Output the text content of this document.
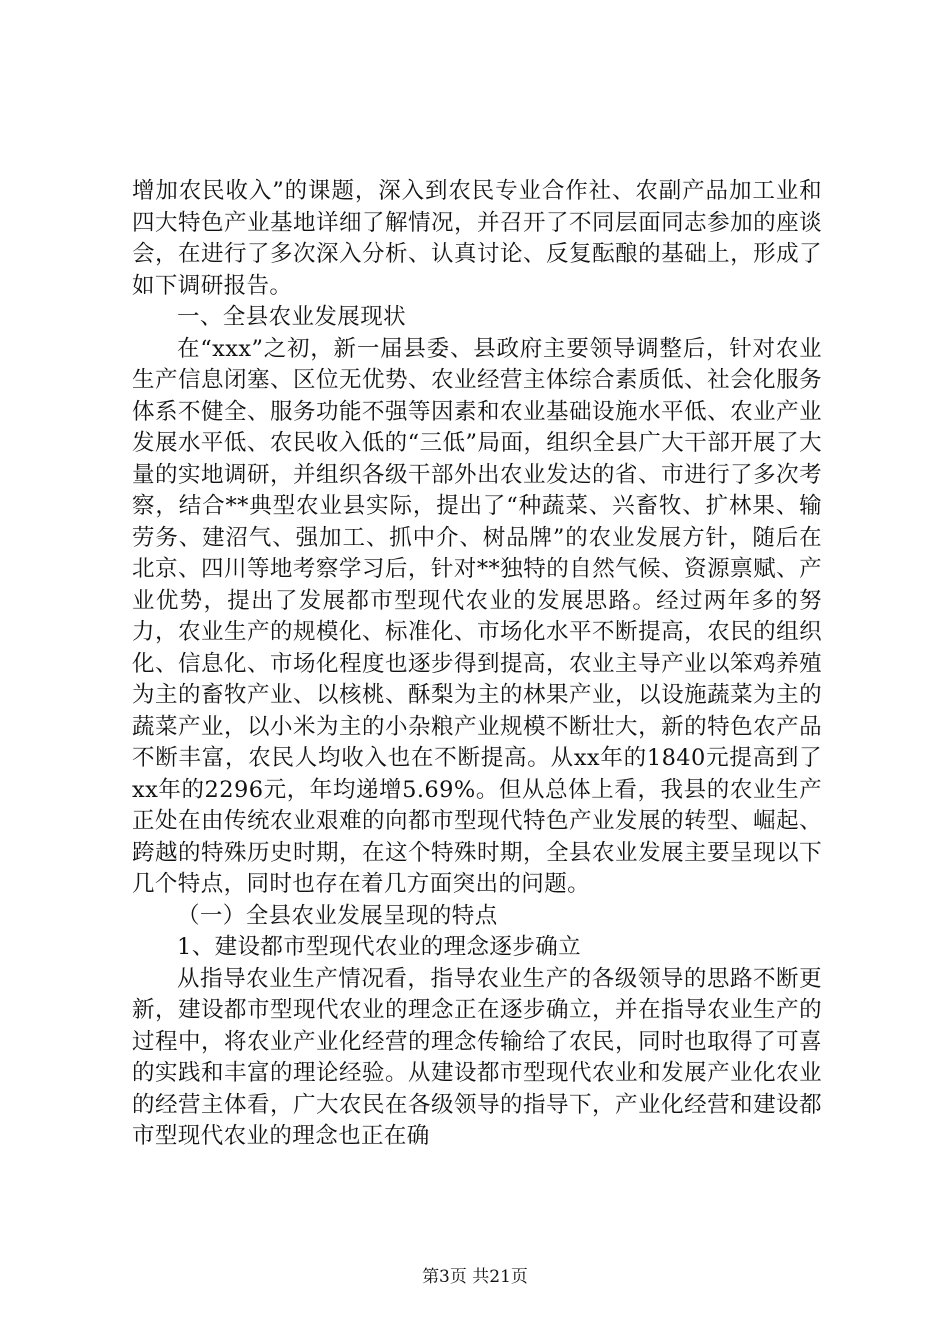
增加农民收入”的课题，深入到农民专业合作社、农副产品加工业和四大特色产业基地详细了解情况，并召开了不同层面同志参加的座谈会，在进行了多次深入分析、认真讨论、反复酝酿的基础上，形成了如下调研报告。

一、全县农业发展现状

在“xxx”之初，新一届县委、县政府主要领导调整后，针对农业生产信息闭塞、区位无优势、农业经营主体综合素质低、社会化服务体系不健全、服务功能不强等因素和农业基础设施水平低、农业产业发展水平低、农民收入低的“三低”局面，组织全县广大干部开展了大量的实地调研，并组织各级干部外出农业发达的省、市进行了多次考察，结合**典型农业县实际，提出了“种蔬菜、兴畜牧、扩林果、输劳务、建沼气、强加工、抓中介、树品牌”的农业发展方针，随后在北京、四川等地考察学习后，针对**独特的自然气候、资源禀赋、产业优势，提出了发展都市型现代农业的发展思路。经过两年多的努力，农业生产的规模化、标准化、市场化水平不断提高，农民的组织化、信息化、市场化程度也逐步得到提高，农业主导产业以笨鸡养殖为主的畜牧产业、以核桃、酥梨为主的林果产业，以设施蔬菜为主的蔬菜产业，以小米为主的小杂粮产业规模不断壮大，新的特色农产品不断丰富，农民人均收入也在不断提高。从xx年的1840元提高到了xx年的2296元，年均递增5.69%。但从总体上看，我县的农业生产正处在由传统农业艰难的向都市型现代特色产业发展的转型、崛起、跨越的特殊历史时期，在这个特殊时期，全县农业发展主要呈现以下几个特点，同时也存在着几方面突出的问题。

（一）全县农业发展呈现的特点

1、建设都市型现代农业的理念逐步确立

从指导农业生产情况看，指导农业生产的各级领导的思路不断更新，建设都市型现代农业的理念正在逐步确立，并在指导农业生产的过程中，将农业产业化经营的理念传输给了农民，同时也取得了可喜的实践和丰富的理论经验。从建设都市型现代农业和发展产业化农业的经营主体看，广大农民在各级领导的指导下，产业化经营和建设都市型现代农业的理念也正在确

第3页 共21页
